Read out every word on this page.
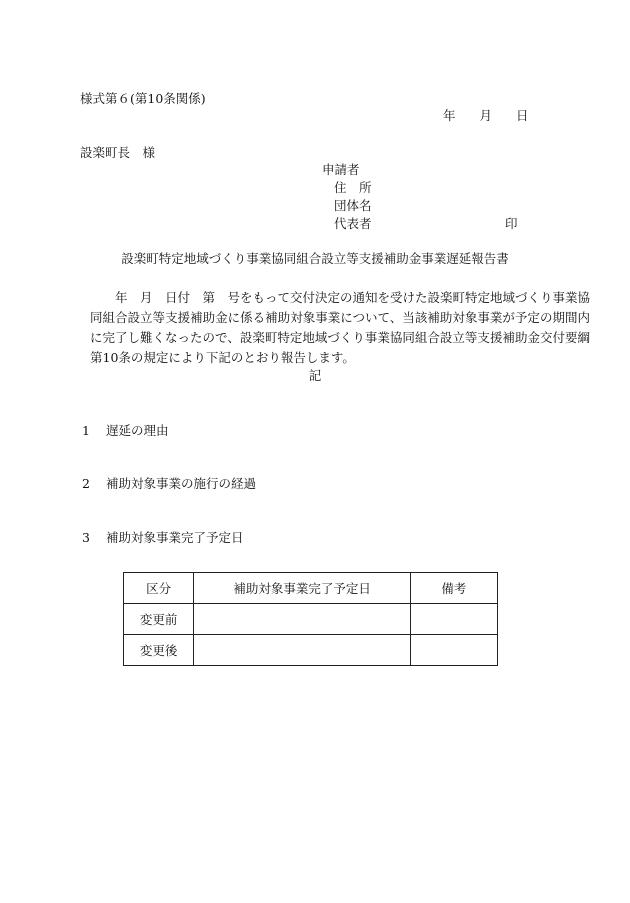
様式第６(第10条関係)
年 月 日
設楽町長　様
申請者
住　所
団体名
代表者	印
設楽町特定地域づくり事業協同組合設立等支援補助金事業遅延報告書
年　月　日付　第　号をもって交付決定の通知を受けた設楽町特定地域づくり事業協同組合設立等支援補助金に係る補助対象事業について、当該補助対象事業が予定の期間内に完了し難くなったので、設楽町特定地域づくり事業協同組合設立等支援補助金交付要綱第10条の規定により下記のとおり報告します。
記
1 遅延の理由
2 補助対象事業の施行の経過
3 補助対象事業完了予定日
区分	補助対象事業完了予定日	備考
変更前		
変更後		
